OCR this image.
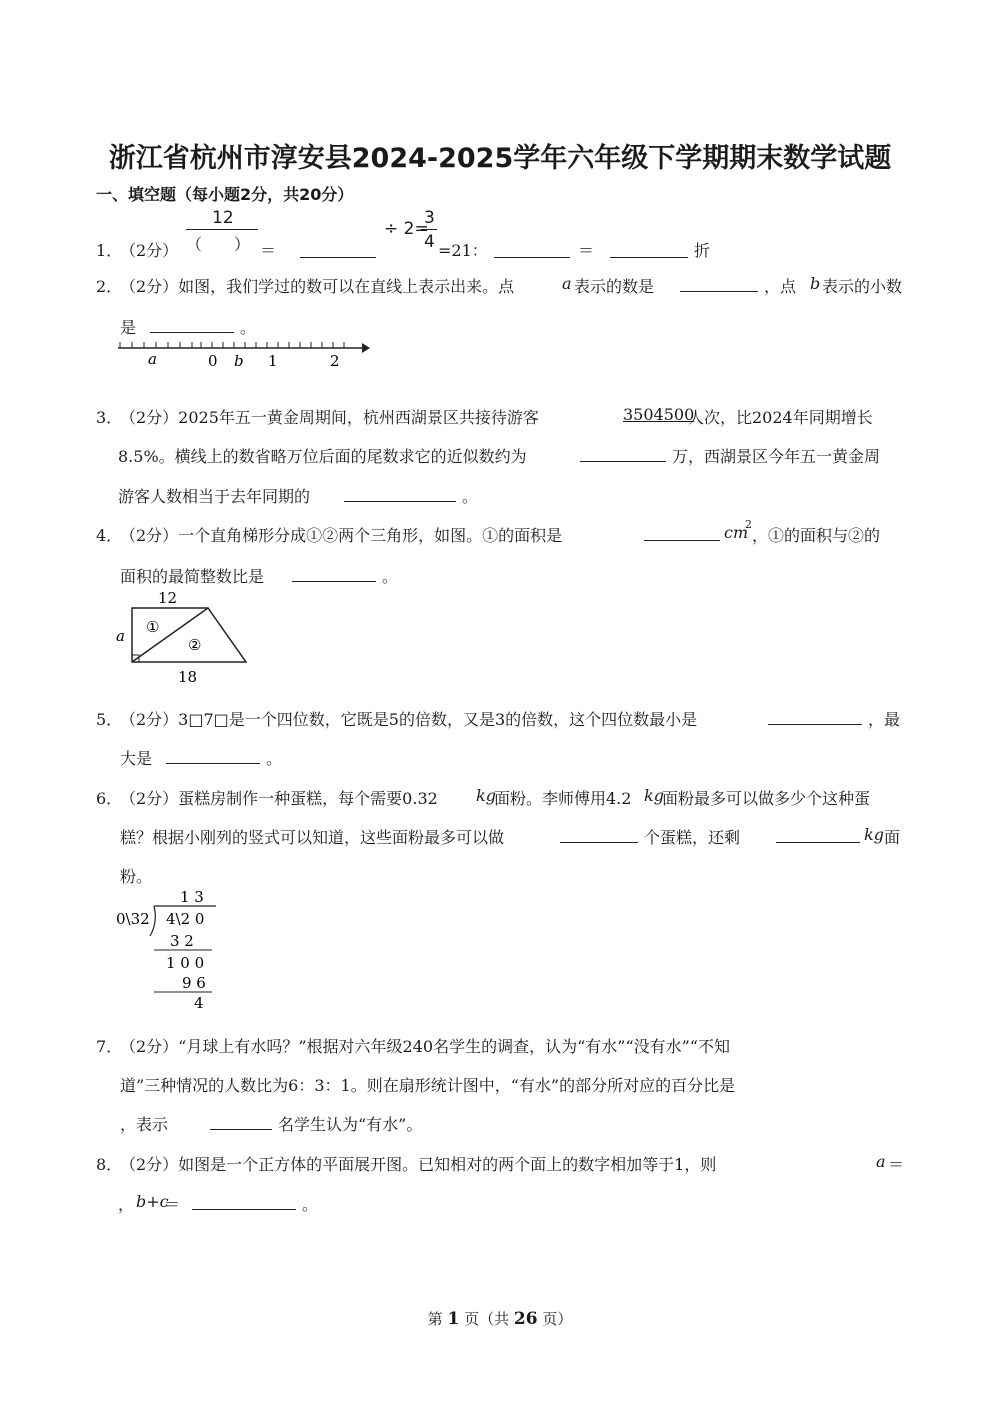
浙江省杭州市淳安县2024-2025学年六年级下学期期末数学试题
一、填空题（每小题2分，共20分）
1．
（2分）
12
（　　） ＝
÷ 2=
3
4 =21：	＝	折
2．
（2分）如图，我们学过的数可以在直线上表示出来。点	a 表示的数是	，点 b 表示的小数
是	。
a	0 b 1	2
3．
（2分）2025年五一黄金周期间，杭州西湖景区共接待游客	3504500
人次，比2024年同期增长
8.5%。横线上的数省略万位后面的尾数求它的近似数约为	万，西湖景区今年五一黄金周
游客人数相当于去年同期的	。
4．
（2分）一个直角梯形分成①②两个三角形，如图。①的面积是	cm
2
，①的面积与②的
面积的最简整数比是	。
12
a
18
①
②
5．
（2分）3□7□是一个四位数，它既是5的倍数，又是3的倍数，这个四位数最小是	，最
大是	。
6．
（2分）蛋糕房制作一种蛋糕，每个需要0.32 kg
面粉。李师傅用4.2 kg
面粉最多可以做多少个这种蛋
糕？根据小刚列的竖式可以知道，这些面粉最多可以做	个蛋糕，还剩	kg 面
粉。
1 3
0\32 4\2 0
3 2
1 0 0
9 6
4
7．
（2分）“月球上有水吗？”根据对六年级240名学生的调查，认为“有水”“没有水”“不知
道”三种情况的人数比为6：3：1。则在扇形统计图中，“有水”的部分所对应的百分比是
，表示	名学生认为“有水”。
8．
（2分）如图是一个正方体的平面展开图。已知相对的两个面上的数字相加等于1，则	a ＝
， b+c
＝	。
第 1 页（共 26 页）
